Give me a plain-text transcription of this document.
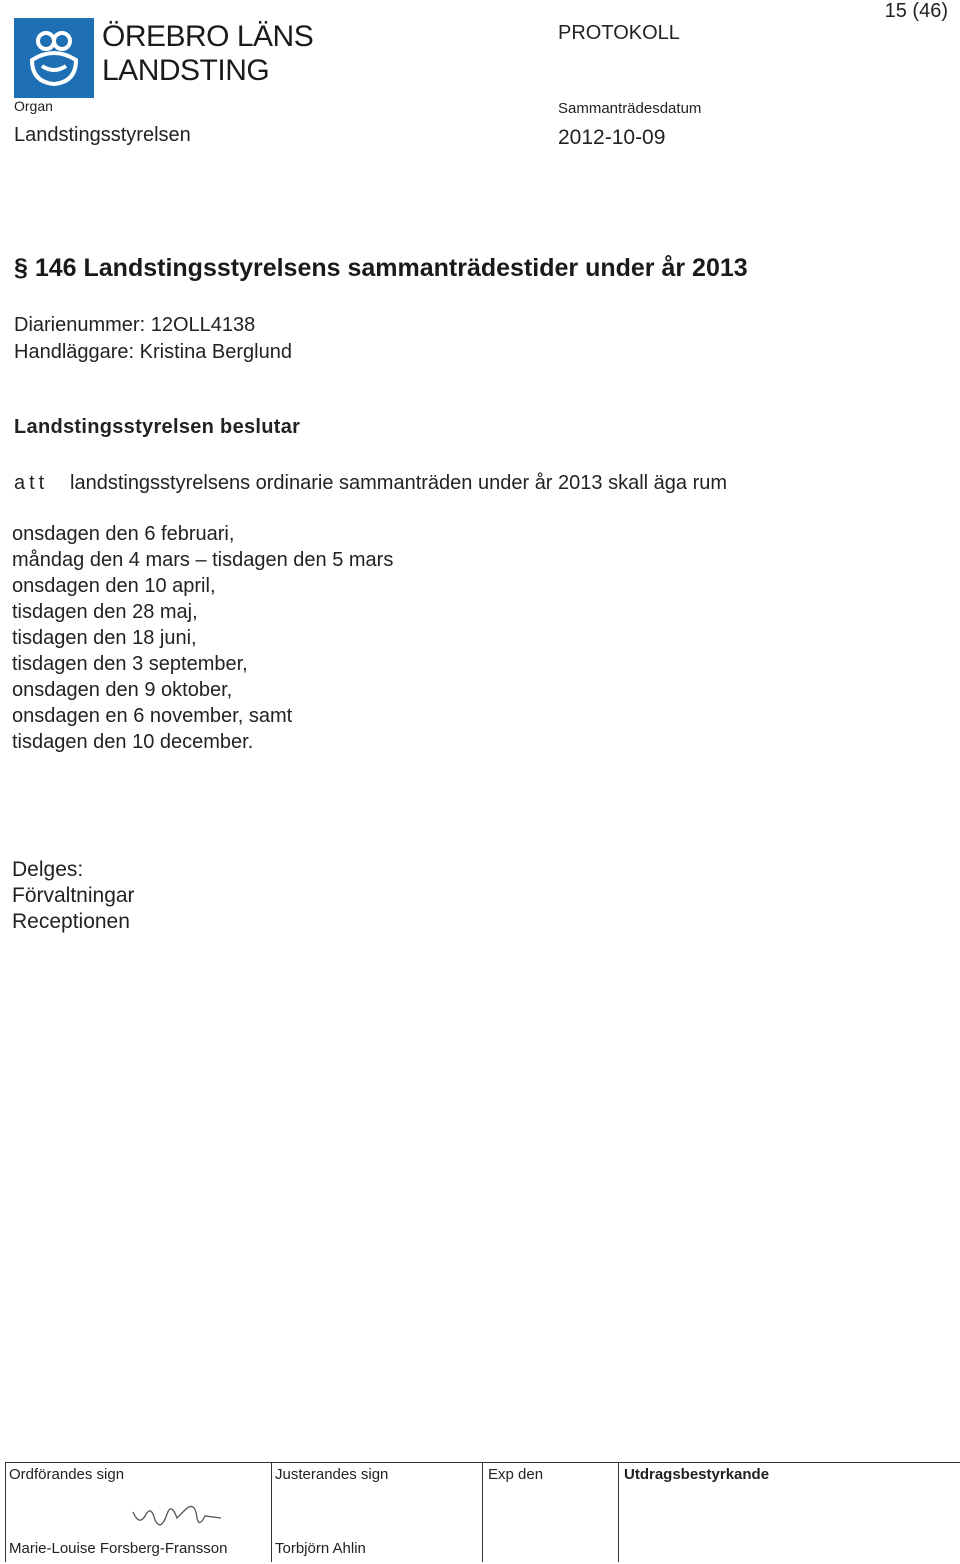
ÖREBRO LÄNS
LANDSTING
Organ
Landstingsstyrelsen
PROTOKOLL
Sammanträdesdatum
2012-10-09
15 (46)
§ 146 Landstingsstyrelsens sammanträdestider under år 2013
Diarienummer: 12OLL4138
Handläggare: Kristina Berglund
Landstingsstyrelsen beslutar
att landstingsstyrelsens ordinarie sammanträden under år 2013 skall äga rum
onsdagen den 6 februari,
måndag den 4 mars – tisdagen den 5 mars
onsdagen den 10 april,
tisdagen den 28 maj,
tisdagen den 18 juni,
tisdagen den 3 september,
onsdagen den 9 oktober,
onsdagen en 6 november, samt
tisdagen den 10 december.
Delges:
Förvaltningar
Receptionen
Ordförandes sign	Justerandes sign	Exp den	Utdragsbestyrkande
Marie-Louise Forsberg-Fransson	Torbjörn Ahlin
